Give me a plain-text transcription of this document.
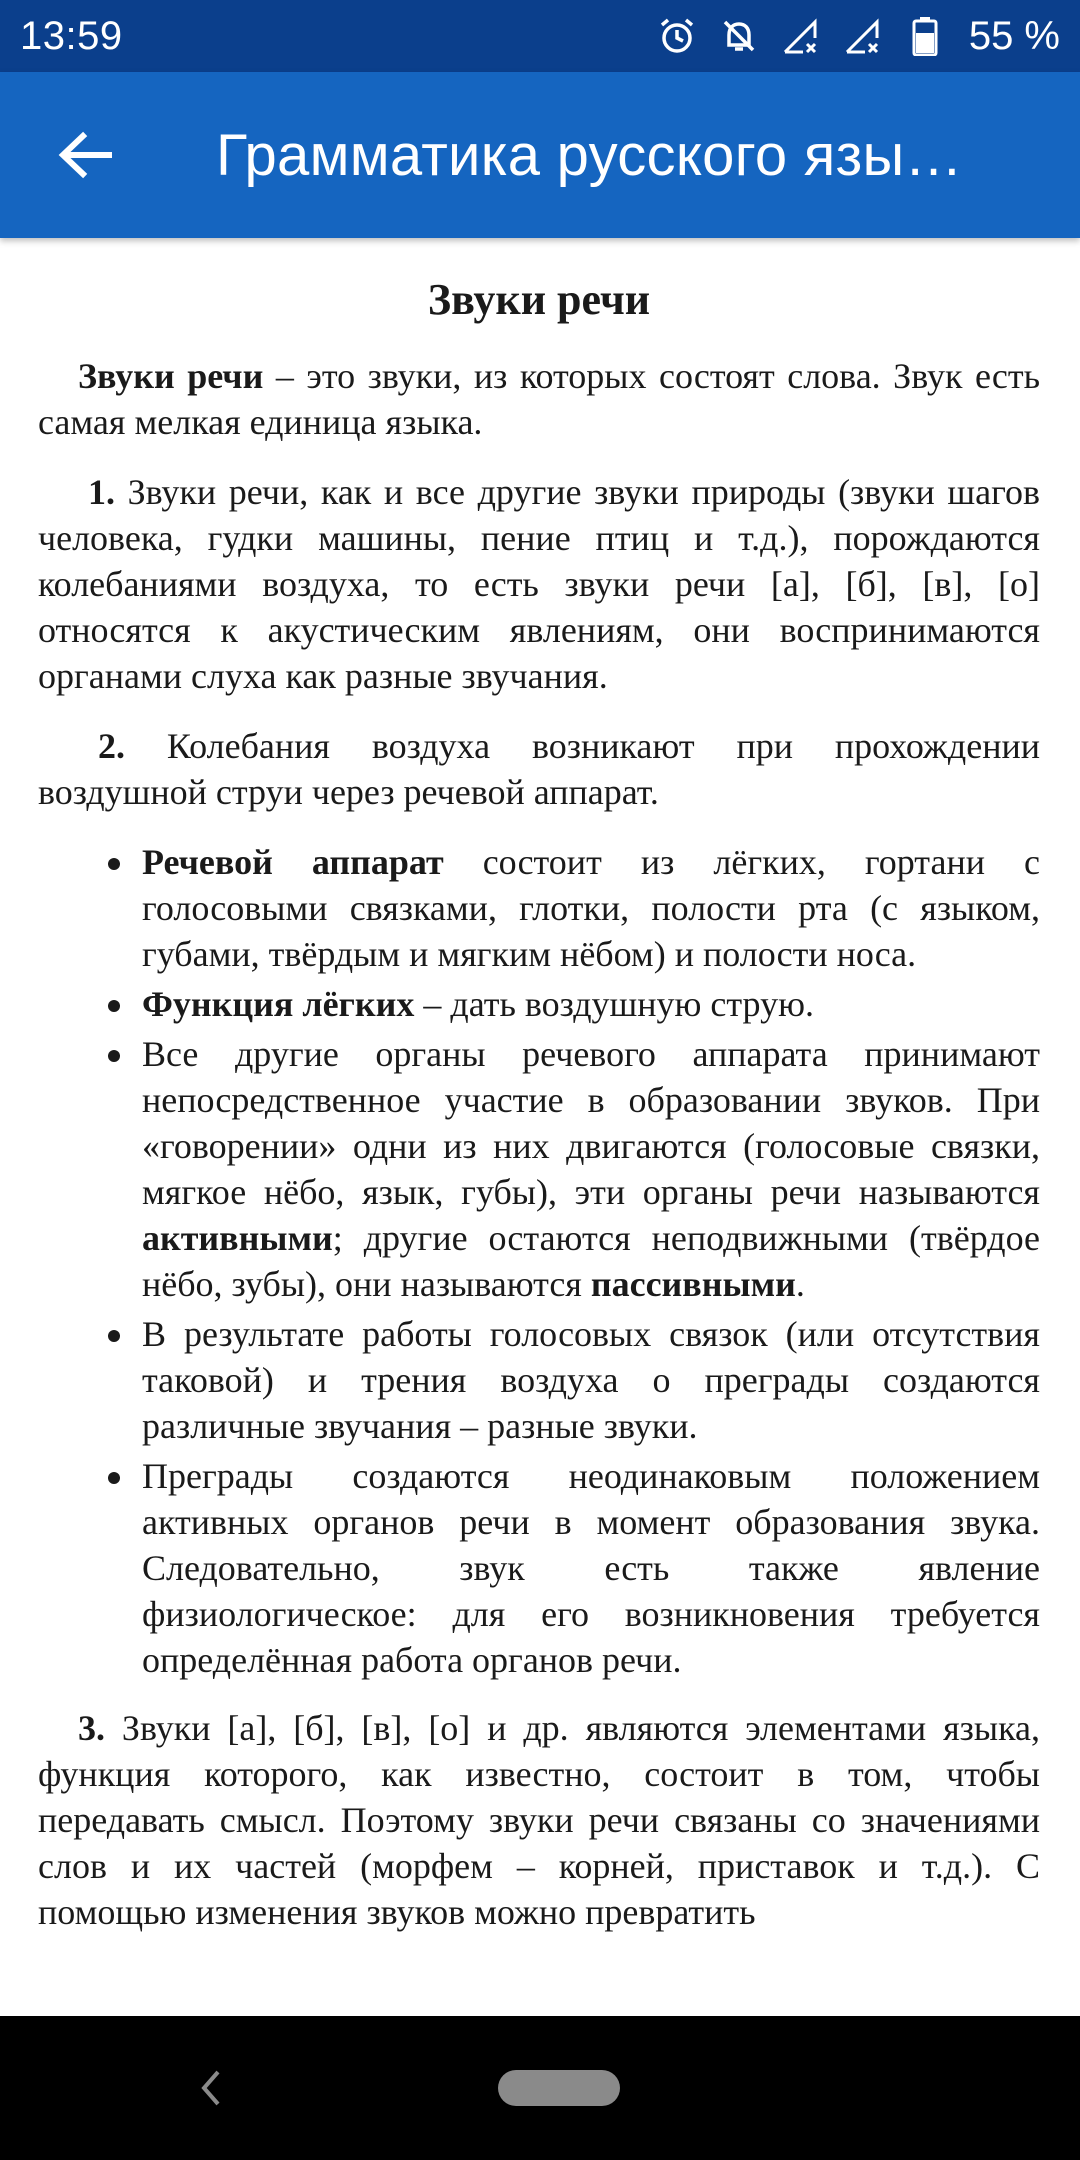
13:59	55 %
Грамматика русского язы…
Звуки речи

Звуки речи – это звуки, из которых состоят слова. Звук есть самая мелкая единица языка.

1. Звуки речи, как и все другие звуки природы (звуки шагов человека, гудки машины, пение птиц и т.д.), порождаются колебаниями воздуха, то есть звуки речи [а], [б], [в], [о] относятся к акустическим явлениям, они воспринимаются органами слуха как разные звучания.

2. Колебания воздуха возникают при прохождении воздушной струи через речевой аппарат.

Речевой аппарат состоит из лёгких, гортани с голосовыми связками, глотки, полости рта (с языком, губами, твёрдым и мягким нёбом) и полости носа.
Функция лёгких – дать воздушную струю.
Все другие органы речевого аппарата принимают непосредственное участие в образовании звуков. При «говорении» одни из них двигаются (голосовые связки, мягкое нёбо, язык, губы), эти органы речи называются активными; другие остаются неподвижными (твёрдое нёбо, зубы), они называются пассивными.
В результате работы голосовых связок (или отсутствия таковой) и трения воздуха о преграды создаются различные звучания – разные звуки.
Преграды создаются неодинаковым положением активных органов речи в момент образования звука. Следовательно, звук есть также явление физиологическое: для его возникновения требуется определённая работа органов речи.

3. Звуки [а], [б], [в], [о] и др. являются элементами языка, функция которого, как известно, состоит в том, чтобы передавать смысл. Поэтому звуки речи связаны со значениями слов и их частей (морфем – корней, приставок и т.д.). С помощью изменения звуков можно превратить
